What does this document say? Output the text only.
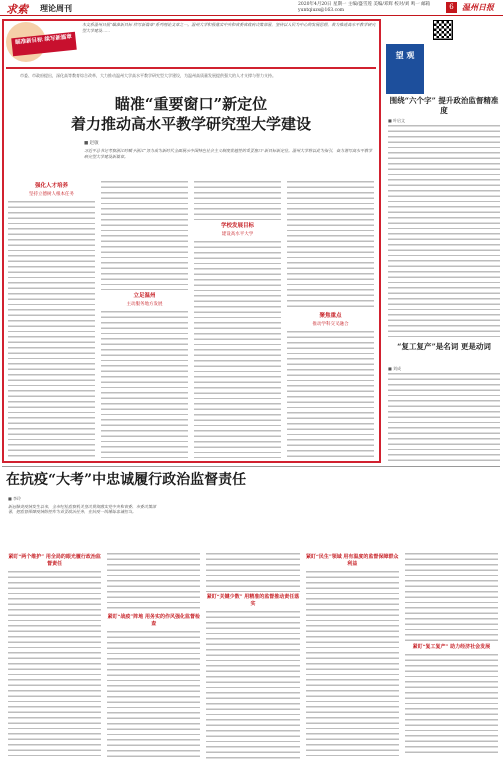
求索 理论周刊	2020年4月20日 星期一 主编/盛雪莲 美编/邓辉 校对/刘 鸣一 邮箱 yuntqiuzs@163.com	6	温州日报
瞄准新目标 续写新篇章
本文系温州日报“瞄准新目标 续写新篇章”系列理论文章之一。温州大学积极落实中央和省委省政府决策部署，坚持以人民为中心的发展思想，着力推进高水平教学研究型大学建设……
市委、市政府提出，深化高等教育综合改革，大力推动温州大学高水平教学研究型大学建设，为温州高质量发展提供强大的人才支撑与智力支持。
瞄准“重要窗口”新定位
着力推动高水平教学研究型大学建设
■ 赵敏
习近平总书记考察浙江时赋予浙江“努力成为新时代全面展示中国特色社会主义制度优越性的重要窗口”新目标新定位。温州大学将以此为指引，奋力谱写高水平教学研究型大学建设新篇章。
强化人才培养
坚持立德树人根本任务
立足温州
主动服务地方发展
学校发展目标
建设高水平大学
聚焦重点
推动学科交叉融合
望 观
围绕“六个字” 提升政治监督精准度
■ 叶启文
“复工复产”是名词 更是动词
■ 刘成
在抗疫“大考”中忠诚履行政治监督责任
■ 李玲
新冠肺炎疫情发生以来，全市纪检监察机关坚决贯彻落实党中央和省委、市委决策部署，把监督保障疫情防控作为首要政治任务，在抗疫一线锤炼忠诚担当。
紧盯“两个维护” 用全局的眼光履行政治监督责任
紧盯“战疫”阵地 用务实的作风强化监督检查
紧盯“关键少数” 用精准的监督推动责任落实
紧盯“民生”领域 用有温度的监督保障群众利益
紧盯“复工复产” 助力经济社会发展
